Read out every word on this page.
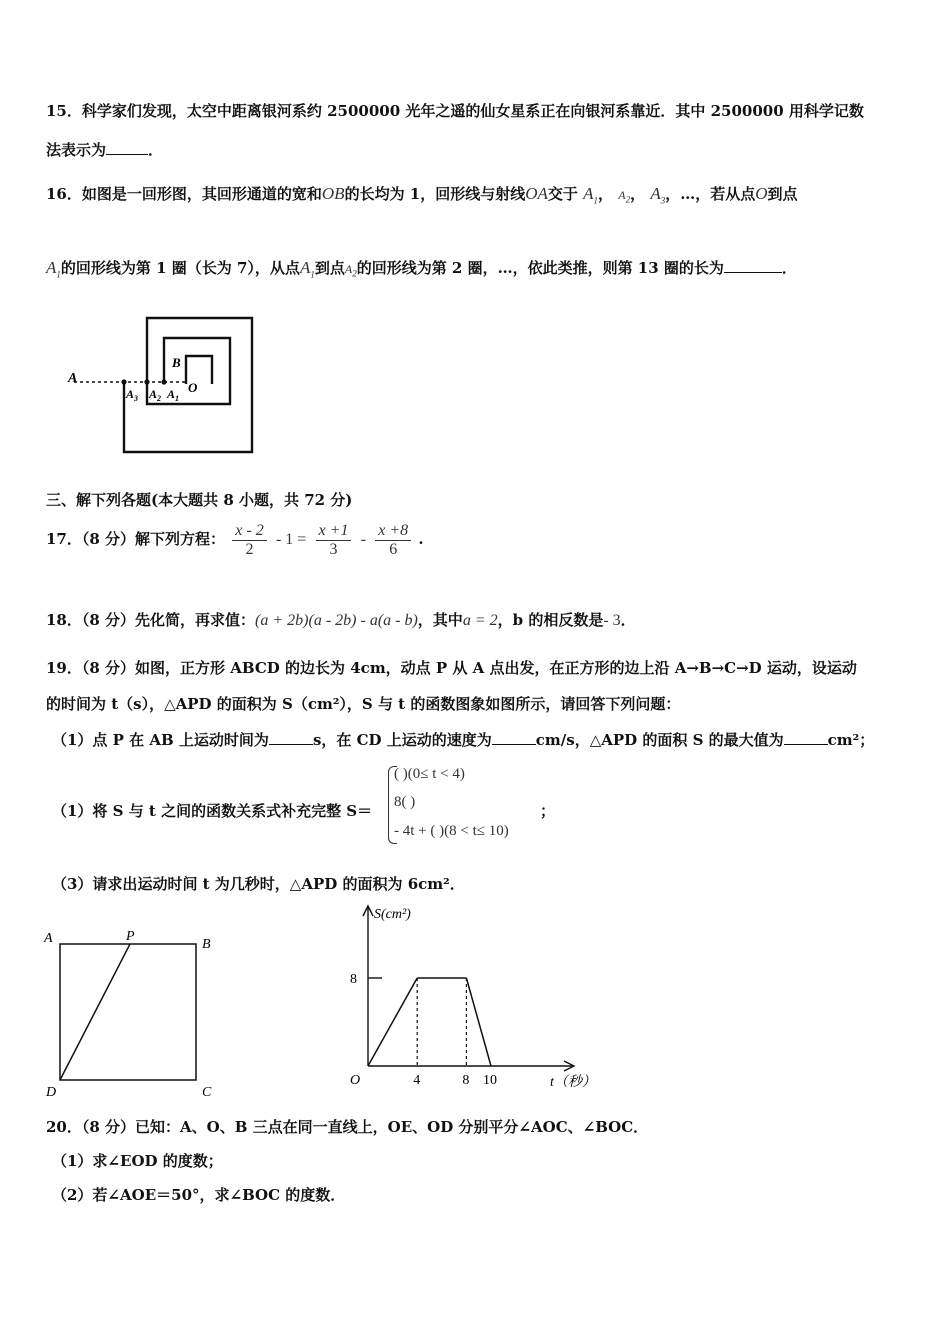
15．科学家们发现，太空中距离银河系约 2500000 光年之遥的仙女星系正在向银河系靠近．其中 2500000 用科学记数
法表示为	．
16．如图是一回形图，其回形通道的宽和OB的长均为 1，回形线与射线OA交于 $A_1$， $A_2$， $A_3$，…，若从点O到点
$A_1$的回形线为第 1 圈（长为 7），从点$A_1$到点$A_2$的回形线为第 2 圈，…，依此类推，则第 13 圈的长为	．
A
B
O
$A_3$ $A_2$ $A_1$
三、解下列各题(本大题共 8 小题，共 72 分)
17．（8 分）解下列方程： $\frac{x - 2}{2} - 1 = \frac{x +1}{3} - \frac{x +8}{6}$ .
18．（8 分）先化简，再求值：(a + 2b)(a - 2b) - a(a - b)，其中a = 2，b 的相反数是- 3．
19．（8 分）如图，正方形 ABCD 的边长为 4cm，动点 P 从 A 点出发，在正方形的边上沿 A→B→C→D 运动，设运动
的时间为 t（s），△APD 的面积为 S（cm²），S 与 t 的函数图象如图所示，请回答下列问题：
（1）点 P 在 AB 上运动时间为	s，在 CD 上运动的速度为	cm/s，△APD 的面积 S 的最大值为	cm²；
（1）将 S 与 t 之间的函数关系式补充完整 S＝
( )(0≤ t < 4)
8( )
- 4t + ( )(8 < t≤ 10)
；
（3）请求出运动时间 t 为几秒时，△APD 的面积为 6cm²．
A	P
B
C
D
S(cm²)
t（秒）
O
8
4	8 10
20．（8 分）已知：A、O、B 三点在同一直线上，OE、OD 分别平分∠AOC、∠BOC．
（1）求∠EOD 的度数；
（2）若∠AOE＝50°，求∠BOC 的度数．
